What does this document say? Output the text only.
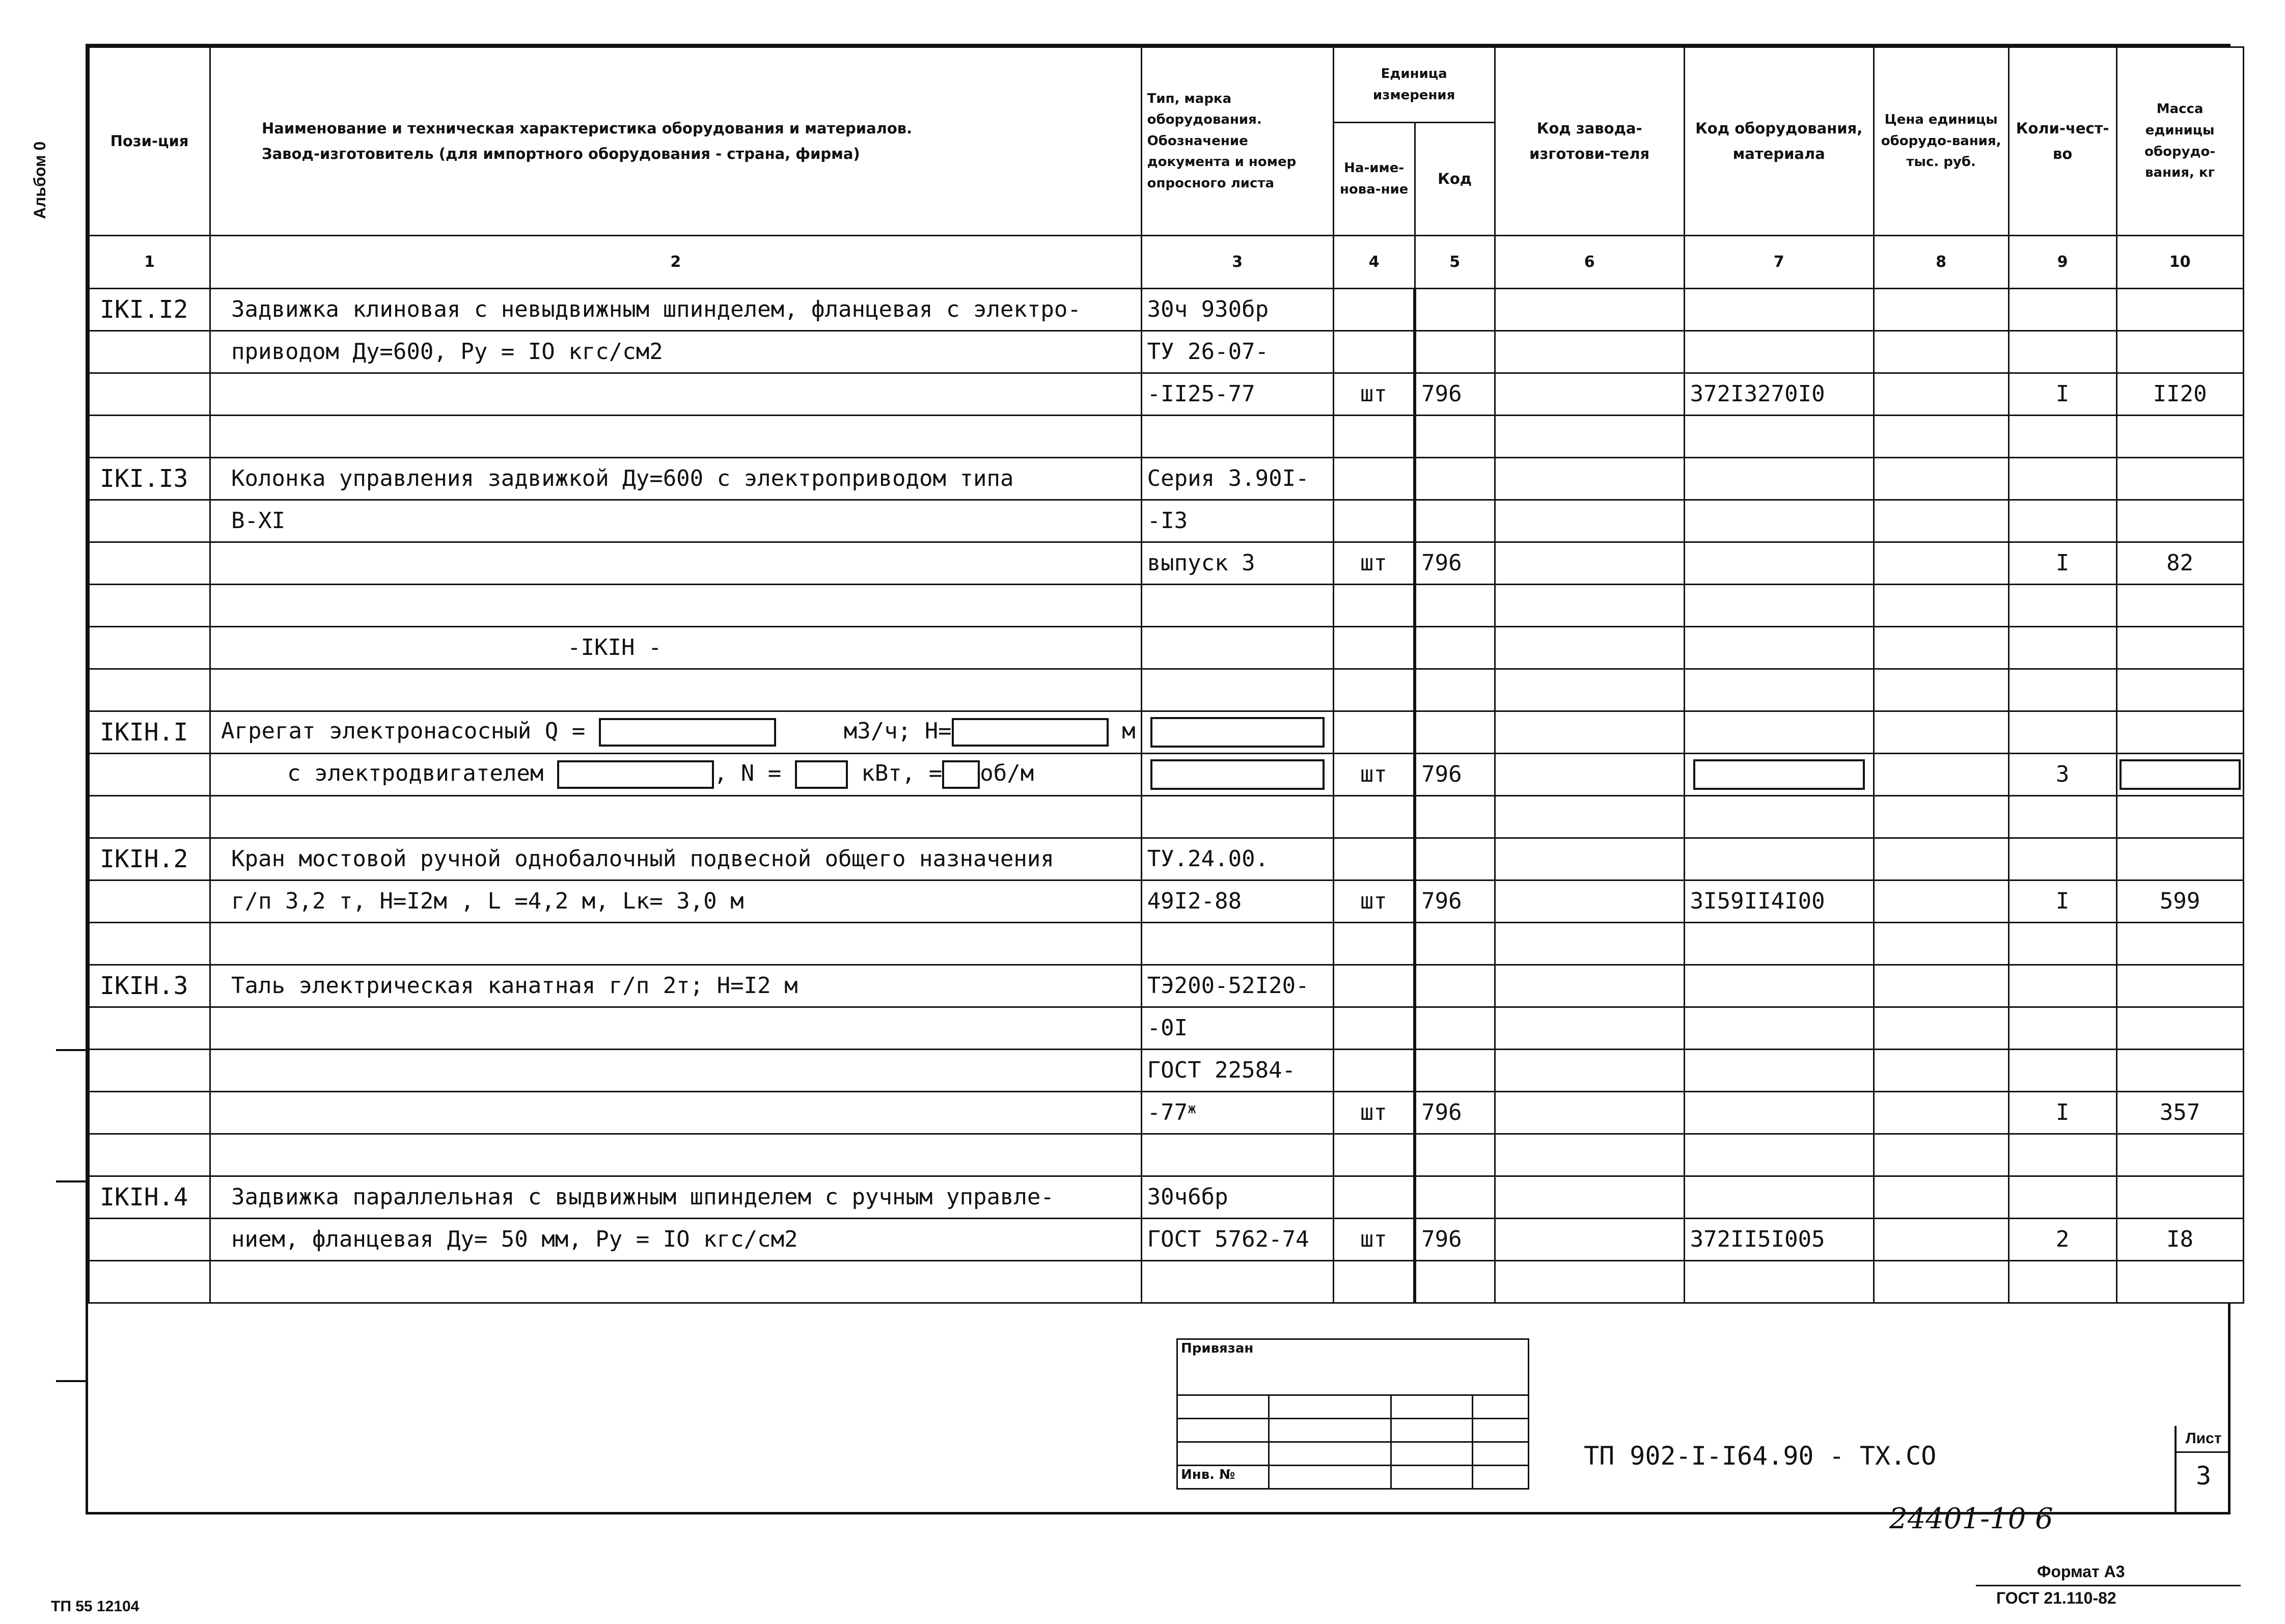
Альбом 0
Пози-ция	Наименование и техническая характеристика оборудования и материалов.
Завод-изготовитель (для импортного оборудования - страна, фирма)	Тип, марка оборудования. Обозначение документа и номер опросного листа	Единица измерения		Код завода-изготови-теля	Код оборудования, материала	Цена единицы оборудо-вания, тыс. руб.	Коли-чест-во	Масса единицы оборудо-вания, кг
			На-име-нова-ние	Код					
1	2	3	4	5	6	7	8	9	10
IKI.I2	Задвижка клиновая с невыдвижным шпинделем, фланцевая с электро-	30ч 930бр							
	приводом Ду=600, Ру = IO кгс/см2	ТУ 26-07-							
		-II25-77	шт	796		372I3270I0		I	II20

IKI.I3	Колонка управления задвижкой Ду=600 с электроприводом типа	Серия 3.90I-							
	В-XI	-I3							
		выпуск 3	шт	796				I	82

	-IKIH -								

IKIH.I	Агрегат электронасосный Q = м3/ч; Н= м	

	с электродвигателем , N = кВт, = об/м		шт	796				3	

IKIH.2	Кран мостовой ручной однобалочный подвесной общего назначения	ТУ.24.00.							
	г/п 3,2 т, Н=I2м , L =4,2 м, Lк= 3,0 м	49I2-88	шт	796		3I59II4I00		I	599

IKIH.3	Таль электрическая канатная г/п 2т; Н=I2 м	ТЭ200-52I20-							
		-0I							
		ГОСТ 22584-							
		$-77^ж$	шт	796				I	357

IKIH.4	Задвижка параллельная с выдвижным шпинделем с ручным управле-	30ч6бр							
	нием, фланцевая Ду= 50 мм, Ру = IO кгс/см2	ГОСТ 5762-74	шт	796		372II5I005		2	I8

Привязан			

Инв. №			
ТП 902-I-I64.90 - ТХ.СО
Лист
3
24401-10 6
Формат А3
ГОСТ 21.110-82
ТП 55 12104
